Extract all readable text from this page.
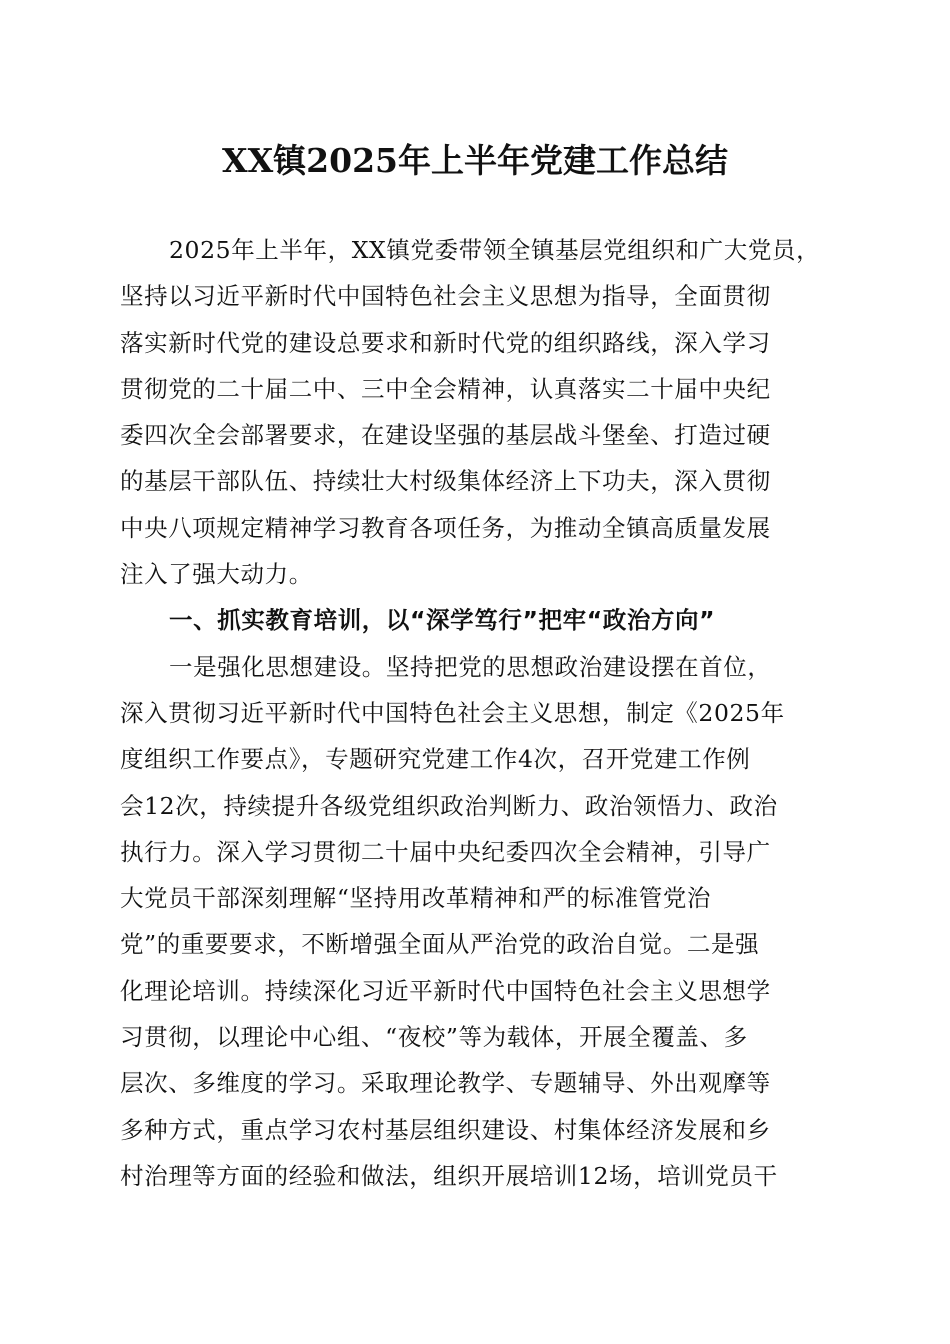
XX镇2025年上半年党建工作总结
2025年上半年，XX镇党委带领全镇基层党组织和广大党员，
坚持以习近平新时代中国特色社会主义思想为指导，全面贯彻
落实新时代党的建设总要求和新时代党的组织路线，深入学习
贯彻党的二十届二中、三中全会精神，认真落实二十届中央纪
委四次全会部署要求，在建设坚强的基层战斗堡垒、打造过硬
的基层干部队伍、持续壮大村级集体经济上下功夫，深入贯彻
中央八项规定精神学习教育各项任务，为推动全镇高质量发展
注入了强大动力。
一、抓实教育培训，以“深学笃行”把牢“政治方向”
一是强化思想建设。坚持把党的思想政治建设摆在首位，
深入贯彻习近平新时代中国特色社会主义思想，制定《2025年
度组织工作要点》，专题研究党建工作4次，召开党建工作例
会12次，持续提升各级党组织政治判断力、政治领悟力、政治
执行力。深入学习贯彻二十届中央纪委四次全会精神，引导广
大党员干部深刻理解“坚持用改革精神和严的标准管党治
党”的重要要求，不断增强全面从严治党的政治自觉。二是强
化理论培训。持续深化习近平新时代中国特色社会主义思想学
习贯彻，以理论中心组、“夜校”等为载体，开展全覆盖、多
层次、多维度的学习。采取理论教学、专题辅导、外出观摩等
多种方式，重点学习农村基层组织建设、村集体经济发展和乡
村治理等方面的经验和做法，组织开展培训12场，培训党员干
